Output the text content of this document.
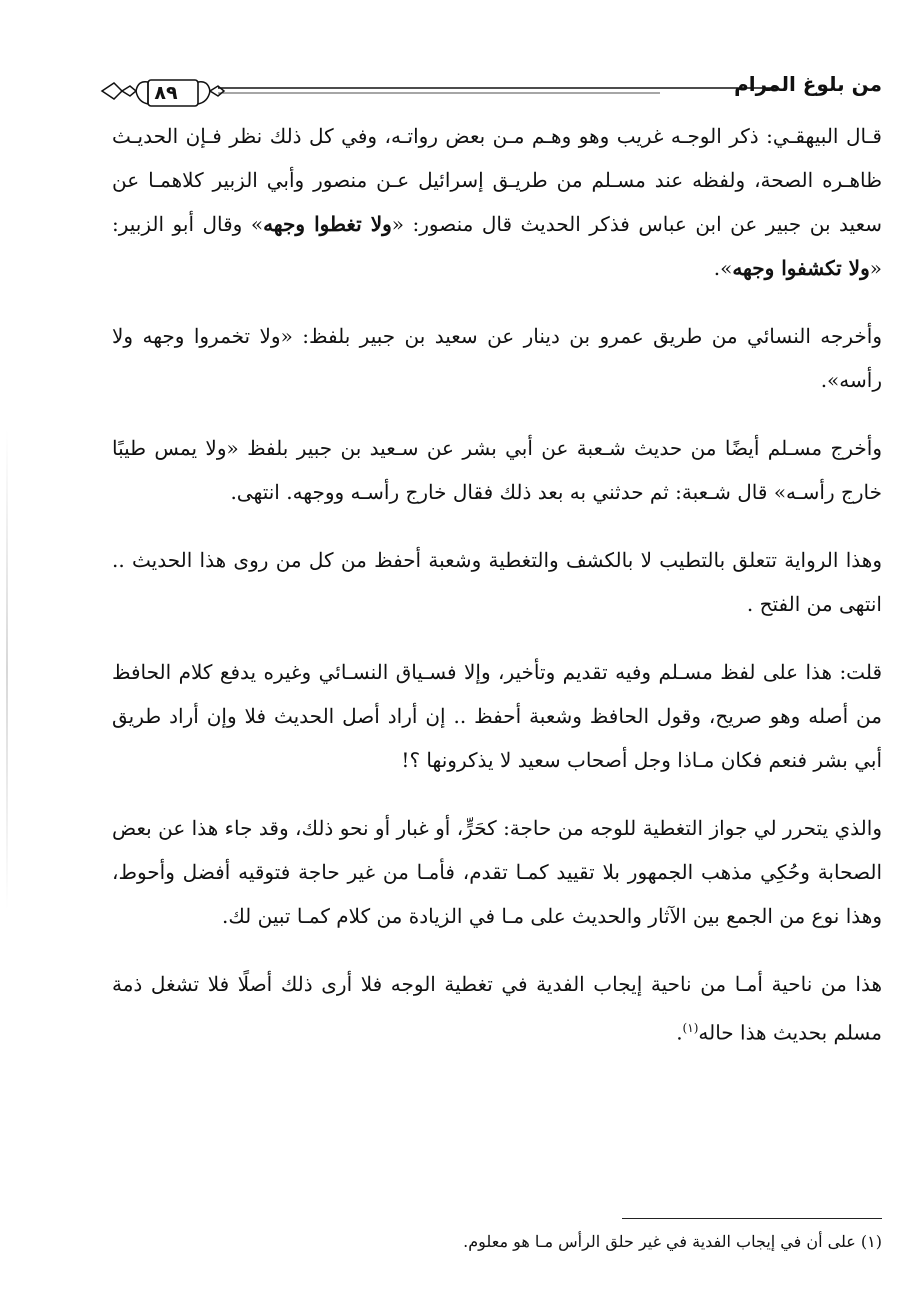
٨٩	من بلوغ المرام

قـال البيهقـي: ذكر الوجـه غريب وهو وهـم مـن بعض رواتـه، وفي كل ذلك نظر فـإن الحديـث ظاهـره الصحة، ولفظه عند مسـلم من طريـق إسرائيل عـن منصور وأبي الزبير كلاهمـا عن سعيد بن جبير عن ابن عباس فذكر الحديث قال منصور: «ولا تغطوا وجهه» وقال أبو الزبير: «ولا تكشفوا وجهه».

وأخرجه النسائي من طريق عمرو بن دينار عن سعيد بن جبير بلفظ: «ولا تخمروا وجهه ولا رأسه».

وأخرج مسـلم أيضًا من حديث شـعبة عن أبي بشر عن سـعيد بن جبير بلفظ «ولا يمس طيبًا خارج رأسـه» قال شـعبة: ثم حدثني به بعد ذلك فقال خارج رأسـه ووجهه. انتهى.

وهذا الرواية تتعلق بالتطيب لا بالكشف والتغطية وشعبة أحفظ من كل من روى هذا الحديث .. انتهى من الفتح .

قلت: هذا على لفظ مسـلم وفيه تقديم وتأخير، وإلا فسـياق النسـائي وغيره يدفع كلام الحافظ من أصله وهو صريح، وقول الحافظ وشعبة أحفظ .. إن أراد أصل الحديث فلا وإن أراد طريق أبي بشر فنعم فكان مـاذا وجل أصحاب سعيد لا يذكرونها ؟!

والذي يتحرر لي جواز التغطية للوجه من حاجة: كحَرٍّ، أو غبار أو نحو ذلك، وقد جاء هذا عن بعض الصحابة وحُكِي مذهب الجمهور بلا تقييد كمـا تقدم، فأمـا من غير حاجة فتوقيه أفضل وأحوط، وهذا نوع من الجمع بين الآثار والحديث على مـا في الزيادة من كلام كمـا تبين لك.

هذا من ناحية أمـا من ناحية إيجاب الفدية في تغطية الوجه فلا أرى ذلك أصلًا فلا تشغل ذمة مسلم بحديث هذا حاله$^{(١)}$.

(١) على أن في إيجاب الفدية في غير حلق الرأس مـا هو معلوم.
